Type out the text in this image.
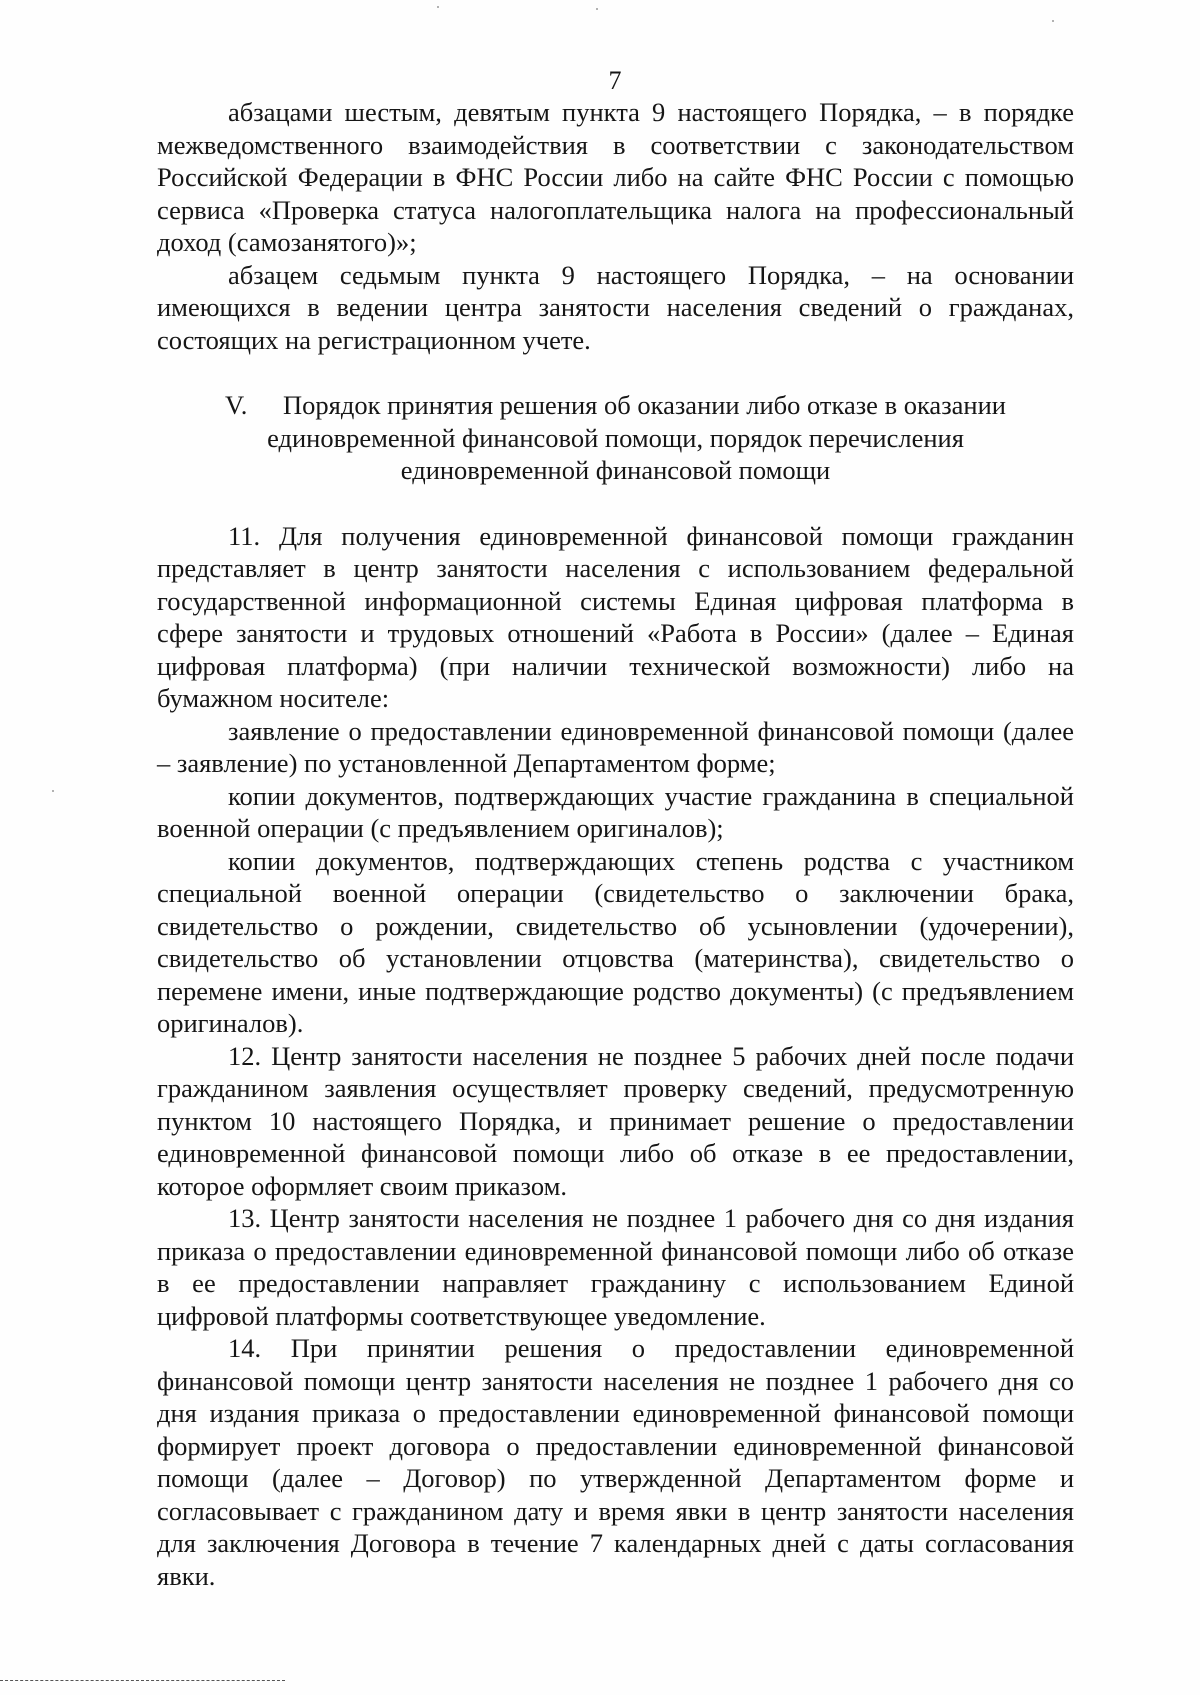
7

абзацами шестым, девятым пункта 9 настоящего Порядка, – в порядке межведомственного взаимодействия в соответствии с законодательством Российской Федерации в ФНС России либо на сайте ФНС России с помощью сервиса «Проверка статуса налогоплательщика налога на профессиональный доход (самозанятого)»;

абзацем седьмым пункта 9 настоящего Порядка, – на основании имеющихся в ведении центра занятости населения сведений о гражданах, состоящих на регистрационном учете.

V. Порядок принятия решения об оказании либо отказе в оказании
единовременной финансовой помощи, порядок перечисления
единовременной финансовой помощи

11. Для получения единовременной финансовой помощи гражданин представляет в центр занятости населения с использованием федеральной государственной информационной системы Единая цифровая платформа в сфере занятости и трудовых отношений «Работа в России» (далее – Единая цифровая платформа) (при наличии технической возможности) либо на бумажном носителе:

заявление о предоставлении единовременной финансовой помощи (далее – заявление) по установленной Департаментом форме;

копии документов, подтверждающих участие гражданина в специальной военной операции (с предъявлением оригиналов);

копии документов, подтверждающих степень родства с участником специальной военной операции (свидетельство о заключении брака, свидетельство о рождении, свидетельство об усыновлении (удочерении), свидетельство об установлении отцовства (материнства), свидетельство о перемене имени, иные подтверждающие родство документы) (с предъявлением оригиналов).

12. Центр занятости населения не позднее 5 рабочих дней после подачи гражданином заявления осуществляет проверку сведений, предусмотренную пунктом 10 настоящего Порядка, и принимает решение о предоставлении единовременной финансовой помощи либо об отказе в ее предоставлении, которое оформляет своим приказом.

13. Центр занятости населения не позднее 1 рабочего дня со дня издания приказа о предоставлении единовременной финансовой помощи либо об отказе в ее предоставлении направляет гражданину с использованием Единой цифровой платформы соответствующее уведомление.

14. При принятии решения о предоставлении единовременной финансовой помощи центр занятости населения не позднее 1 рабочего дня со дня издания приказа о предоставлении единовременной финансовой помощи формирует проект договора о предоставлении единовременной финансовой помощи (далее – Договор) по утвержденной Департаментом форме и согласовывает с гражданином дату и время явки в центр занятости населения для заключения Договора в течение 7 календарных дней с даты согласования явки.
